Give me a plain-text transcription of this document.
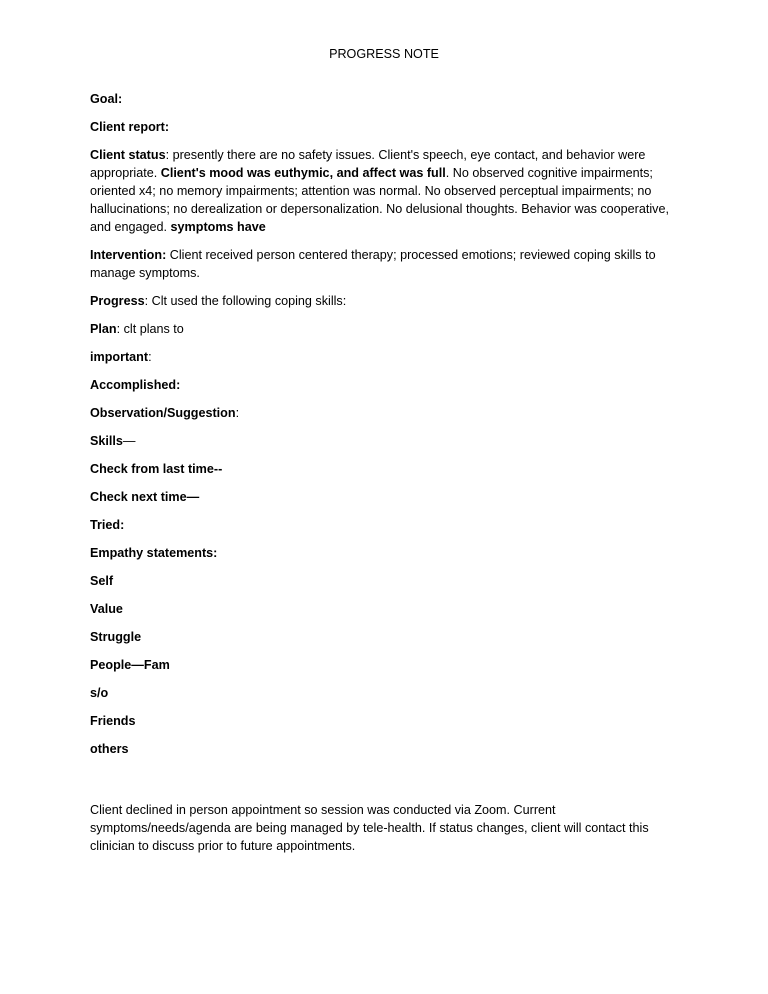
PROGRESS NOTE

Goal:

Client report:

Client status: presently there are no safety issues. Client's speech, eye contact, and behavior were appropriate. Client's mood was euthymic, and affect was full. No observed cognitive impairments; oriented x4; no memory impairments; attention was normal. No observed perceptual impairments; no hallucinations; no derealization or depersonalization. No delusional thoughts. Behavior was cooperative, and engaged. symptoms have

Intervention: Client received person centered therapy; processed emotions; reviewed coping skills to manage symptoms.

Progress: Clt used the following coping skills:

Plan: clt plans to

important:

Accomplished:

Observation/Suggestion:

Skills—

Check from last time--

Check next time—

Tried:

Empathy statements:

Self

Value

Struggle

People—Fam

s/o

Friends

others

Client declined in person appointment so session was conducted via Zoom. Current symptoms/needs/agenda are being managed by tele-health. If status changes, client will contact this clinician to discuss prior to future appointments.
